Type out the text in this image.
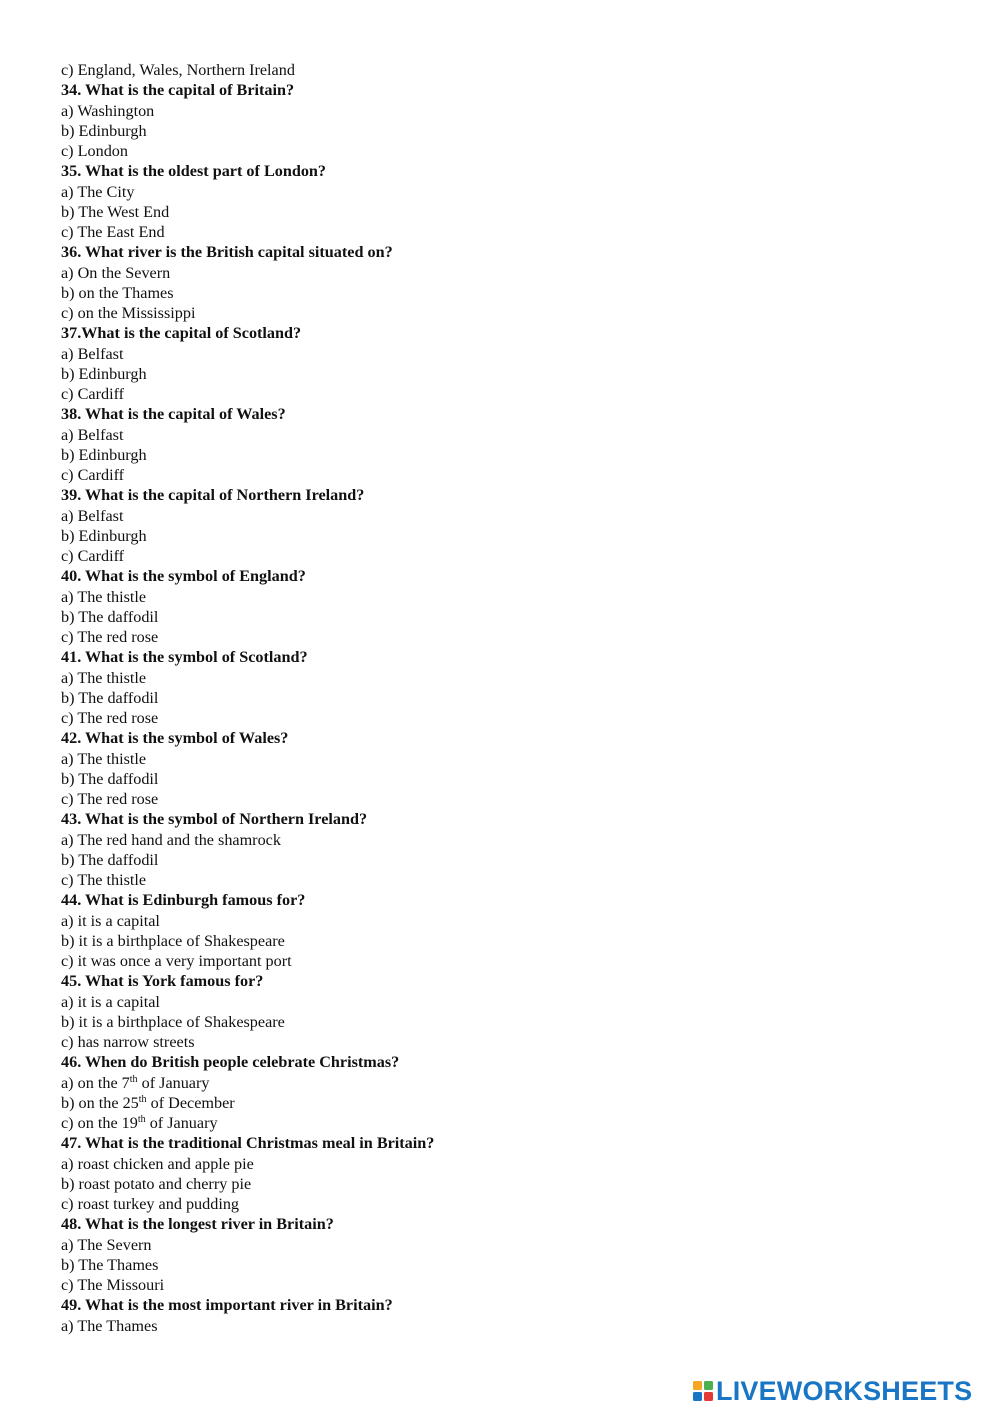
c) England, Wales, Northern Ireland
34. What is the capital of Britain?
a) Washington
b) Edinburgh
c) London
35. What is the oldest part of London?
a) The City
b) The West End
c) The East End
36. What river is the British capital situated on?
a) On the Severn
b) on the Thames
c) on the Mississippi
37.What is the capital of Scotland?
a) Belfast
b) Edinburgh
c) Cardiff
38. What is the capital of Wales?
a) Belfast
b) Edinburgh
c) Cardiff
39. What is the capital of Northern Ireland?
a) Belfast
b) Edinburgh
c) Cardiff
40. What is the symbol of England?
a) The thistle
b) The daffodil
c) The red rose
41. What is the symbol of Scotland?
a) The thistle
b) The daffodil
c) The red rose
42. What is the symbol of Wales?
a) The thistle
b) The daffodil
c) The red rose
43. What is the symbol of Northern Ireland?
a) The red hand and the shamrock
b) The daffodil
c) The thistle
44. What is Edinburgh famous for?
a) it is a capital
b) it is a birthplace of Shakespeare
c) it was once a very important port
45. What is York famous for?
a) it is a capital
b) it is a birthplace of Shakespeare
c) has narrow streets
46. When do British people celebrate Christmas?
a) on the 7th of January
b) on the 25th of December
c) on the 19th of January
47. What is the traditional Christmas meal in Britain?
a) roast chicken and apple pie
b) roast potato and cherry pie
c) roast turkey and pudding
48. What is the longest river in Britain?
a) The Severn
b) The Thames
c) The Missouri
49. What is the most important river in Britain?
a) The Thames
LIVEWORKSHEETS
